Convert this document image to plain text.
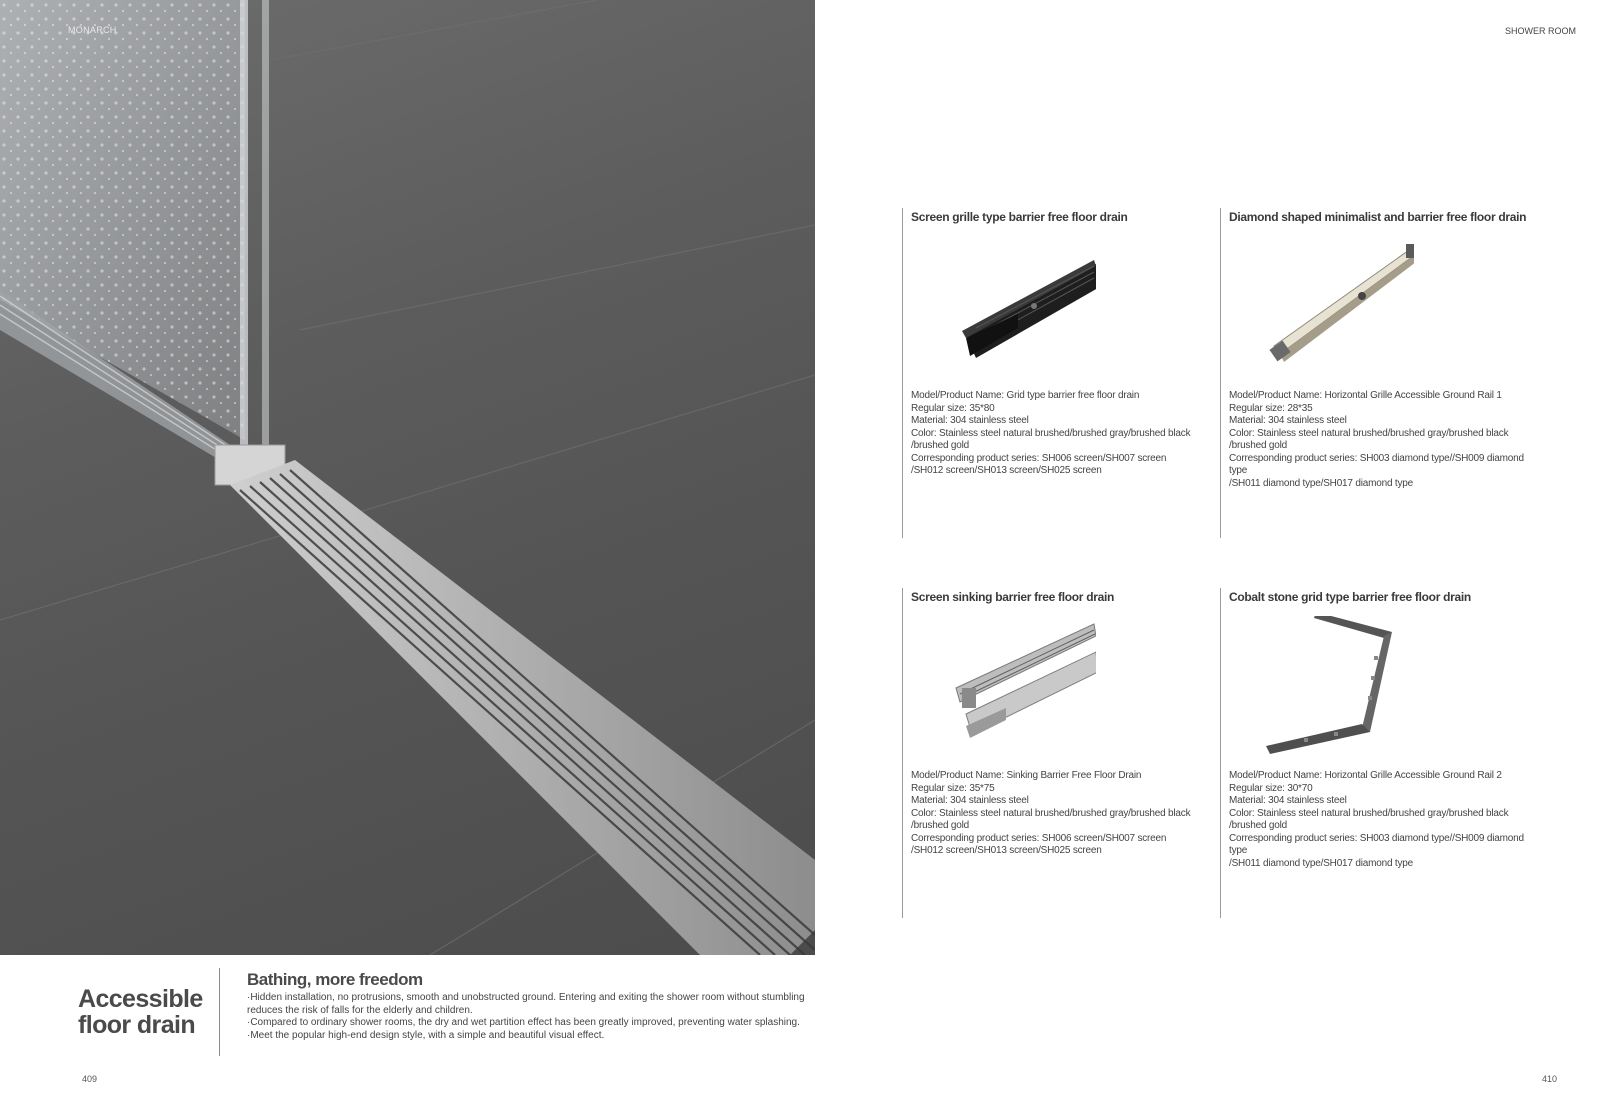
MONARCH
Accessible floor drain
Bathing, more freedom

·Hidden installation, no protrusions, smooth and unobstructed ground. Entering and exiting the shower room without stumbling reduces the risk of falls for the elderly and children.

·Compared to ordinary shower rooms, the dry and wet partition effect has been greatly improved, preventing water splashing.

·Meet the popular high-end design style, with a simple and beautiful visual effect.

409
SHOWER ROOM
Screen grille type barrier free floor drain
Model/Product Name: Grid type barrier free floor drain
Regular size: 35*80
Material: 304 stainless steel
Color: Stainless steel natural brushed/brushed gray/brushed black
/brushed gold
Corresponding product series: SH006 screen/SH007 screen
/SH012 screen/SH013 screen/SH025 screen
Diamond shaped minimalist and barrier free floor drain
Model/Product Name: Horizontal Grille Accessible Ground Rail 1
Regular size: 28*35
Material: 304 stainless steel
Color: Stainless steel natural brushed/brushed gray/brushed black
/brushed gold
Corresponding product series: SH003 diamond type//SH009 diamond type
/SH011 diamond type/SH017 diamond type
Screen sinking barrier free floor drain
Model/Product Name: Sinking Barrier Free Floor Drain
Regular size: 35*75
Material: 304 stainless steel
Color: Stainless steel natural brushed/brushed gray/brushed black
/brushed gold
Corresponding product series: SH006 screen/SH007 screen
/SH012 screen/SH013 screen/SH025 screen
Cobalt stone grid type barrier free floor drain
Model/Product Name: Horizontal Grille Accessible Ground Rail 2
Regular size: 30*70
Material: 304 stainless steel
Color: Stainless steel natural brushed/brushed gray/brushed black
/brushed gold
Corresponding product series: SH003 diamond type//SH009 diamond type
/SH011 diamond type/SH017 diamond type
410
